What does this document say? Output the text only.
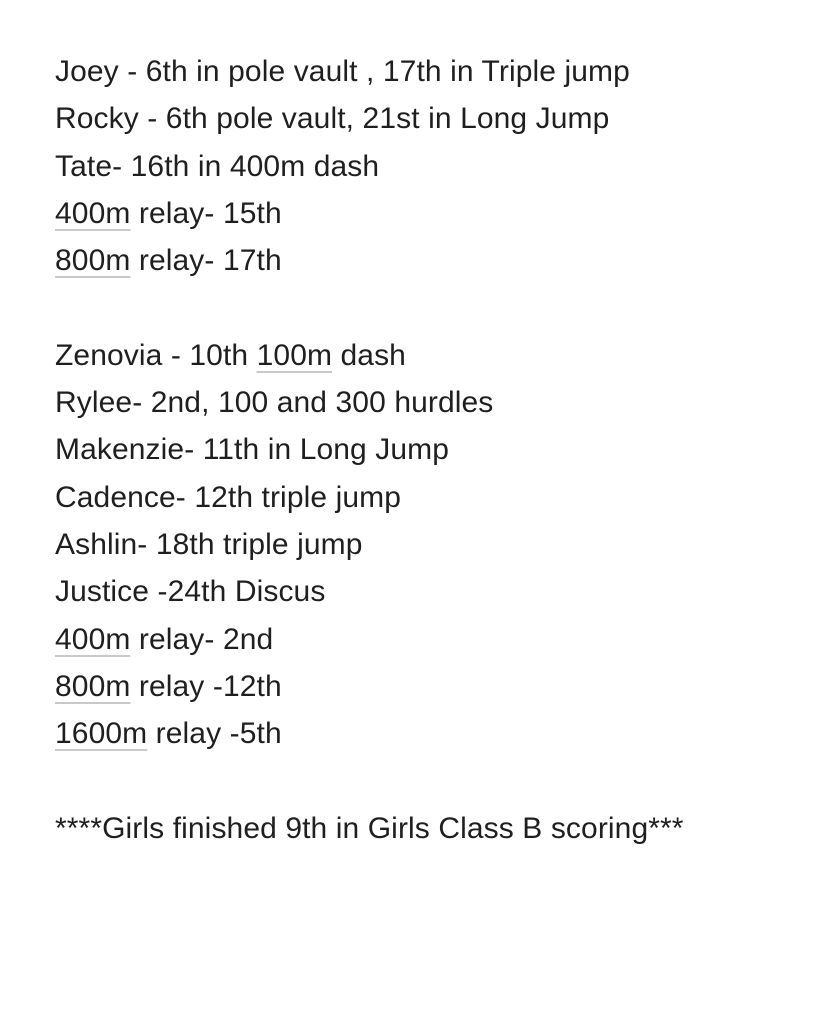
Joey - 6th in pole vault , 17th in Triple jump
Rocky - 6th pole vault, 21st in Long Jump
Tate- 16th in 400m dash
400m relay- 15th
800m relay- 17th
Zenovia - 10th 100m dash
Rylee- 2nd, 100 and 300 hurdles
Makenzie- 11th in Long Jump
Cadence- 12th triple jump
Ashlin- 18th triple jump
Justice -24th Discus
400m relay- 2nd
800m relay -12th
1600m relay -5th
****Girls finished 9th in Girls Class B scoring***
